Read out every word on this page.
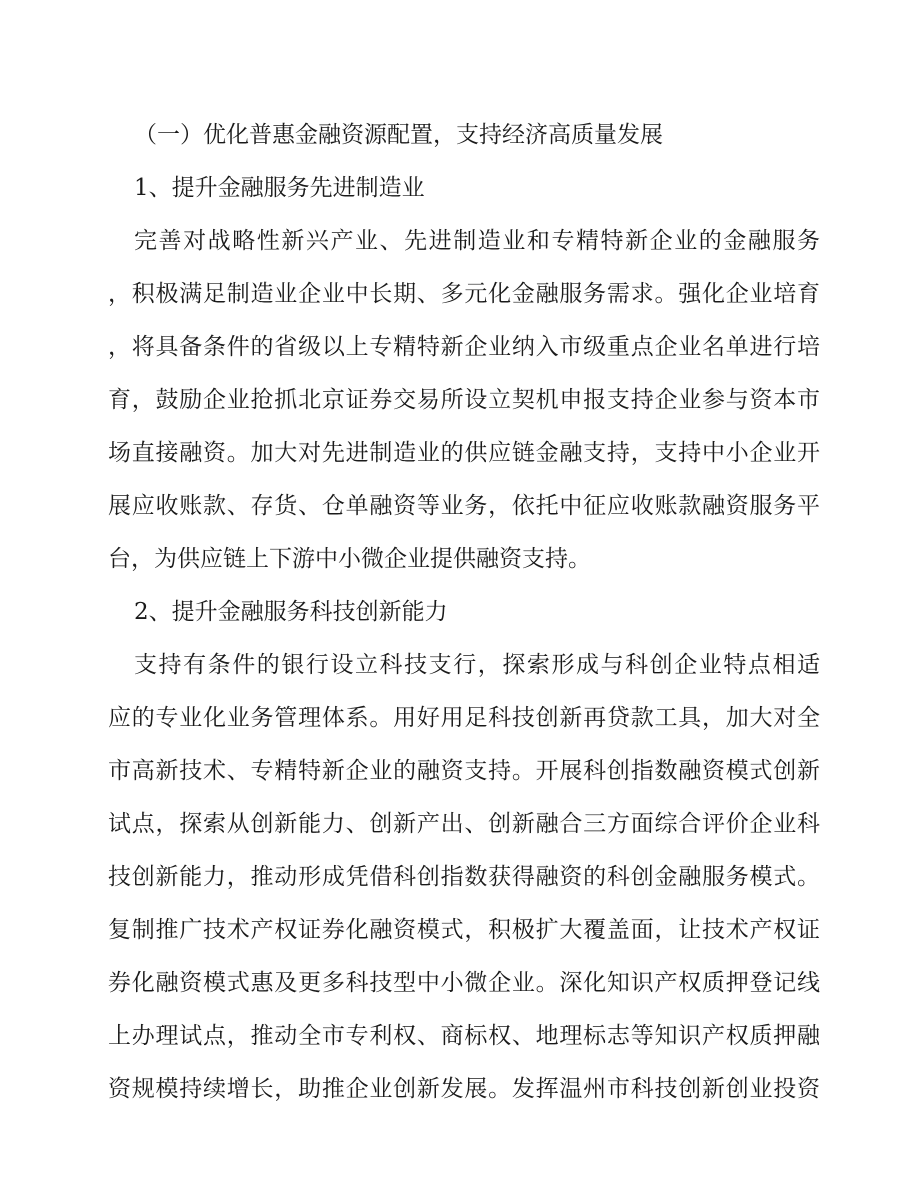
（一）优化普惠金融资源配置，支持经济高质量发展
1、提升金融服务先进制造业
完善对战略性新兴产业、先进制造业和专精特新企业的金融服务
，积极满足制造业企业中长期、多元化金融服务需求。强化企业培育
，将具备条件的省级以上专精特新企业纳入市级重点企业名单进行培
育，鼓励企业抢抓北京证券交易所设立契机申报支持企业参与资本市
场直接融资。加大对先进制造业的供应链金融支持，支持中小企业开
展应收账款、存货、仓单融资等业务，依托中征应收账款融资服务平
台，为供应链上下游中小微企业提供融资支持。
2、提升金融服务科技创新能力
支持有条件的银行设立科技支行，探索形成与科创企业特点相适
应的专业化业务管理体系。用好用足科技创新再贷款工具，加大对全
市高新技术、专精特新企业的融资支持。开展科创指数融资模式创新
试点，探索从创新能力、创新产出、创新融合三方面综合评价企业科
技创新能力，推动形成凭借科创指数获得融资的科创金融服务模式。
复制推广技术产权证券化融资模式，积极扩大覆盖面，让技术产权证
券化融资模式惠及更多科技型中小微企业。深化知识产权质押登记线
上办理试点，推动全市专利权、商标权、地理标志等知识产权质押融
资规模持续增长，助推企业创新发展。发挥温州市科技创新创业投资
